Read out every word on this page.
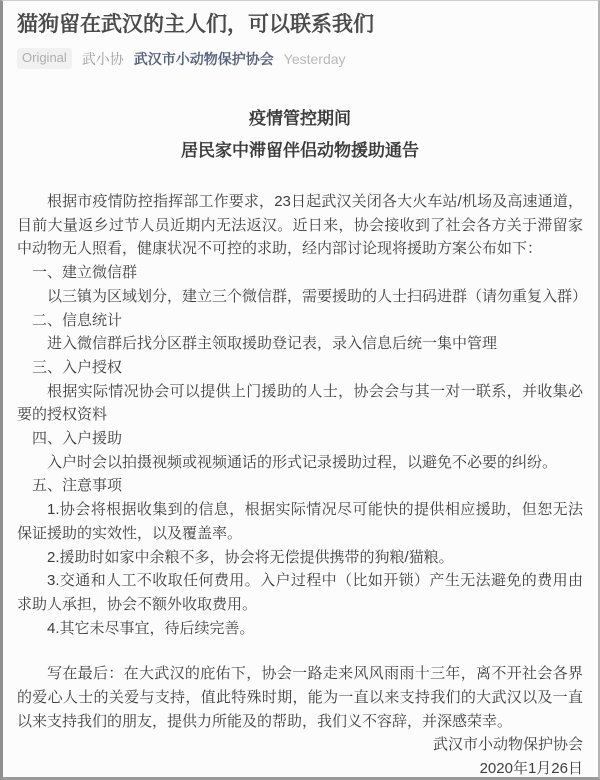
猫狗留在武汉的主人们，可以联系我们
Original	武小协 武汉市小动物保护协会 Yesterday

疫情管控期间

居民家中滞留伴侣动物援助通告

根据市疫情防控指挥部工作要求，23日起武汉关闭各大火车站/机场及高速通道，目前大量返乡过节人员近期内无法返汉。近日来，协会接收到了社会各方关于滞留家中动物无人照看，健康状况不可控的求助，经内部讨论现将援助方案公布如下：

一、建立微信群

以三镇为区域划分，建立三个微信群，需要援助的人士扫码进群（请勿重复入群）

二、信息统计

进入微信群后找分区群主领取援助登记表，录入信息后统一集中管理

三、入户授权

根据实际情况协会可以提供上门援助的人士，协会会与其一对一联系，并收集必要的授权资料

四、入户援助

入户时会以拍摄视频或视频通话的形式记录援助过程，以避免不必要的纠纷。

五、注意事项

1.协会将根据收集到的信息，根据实际情况尽可能快的提供相应援助，但恕无法保证援助的实效性，以及覆盖率。

2.援助时如家中余粮不多，协会将无偿提供携带的狗粮/猫粮。

3.交通和人工不收取任何费用。入户过程中（比如开锁）产生无法避免的费用由求助人承担，协会不额外收取费用。

4.其它未尽事宜，待后续完善。

写在最后：在大武汉的庇佑下，协会一路走来风风雨雨十三年，离不开社会各界的爱心人士的关爱与支持，值此特殊时期，能为一直以来支持我们的大武汉以及一直以来支持我们的朋友，提供力所能及的帮助，我们义不容辞，并深感荣幸。

武汉市小动物保护协会

2020年1月26日
